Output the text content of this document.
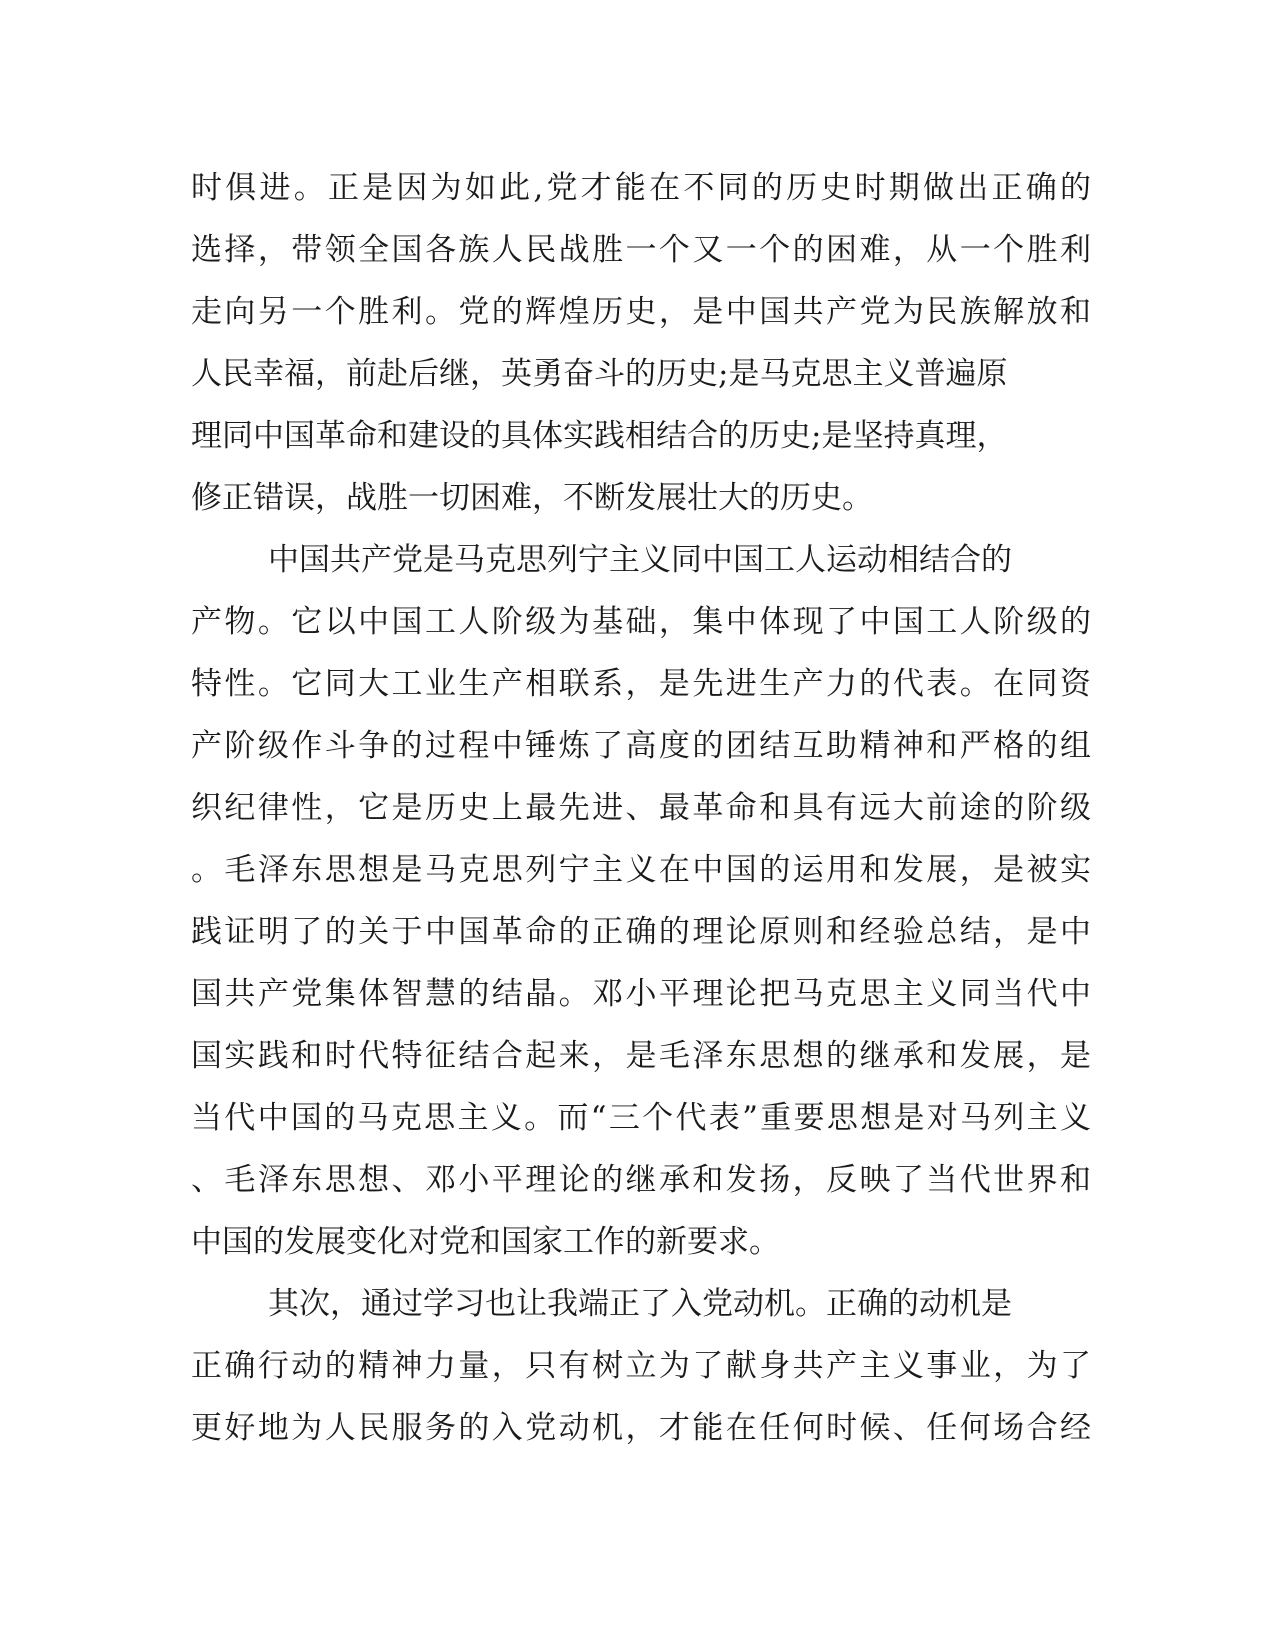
时俱进。正是因为如此,党才能在不同的历史时期做出正确的
选择，带领全国各族人民战胜一个又一个的困难，从一个胜利
走向另一个胜利。党的辉煌历史，是中国共产党为民族解放和
人民幸福，前赴后继，英勇奋斗的历史;是马克思主义普遍原
理同中国革命和建设的具体实践相结合的历史;是坚持真理，
修正错误，战胜一切困难，不断发展壮大的历史。
中国共产党是马克思列宁主义同中国工人运动相结合的
产物。它以中国工人阶级为基础，集中体现了中国工人阶级的
特性。它同大工业生产相联系，是先进生产力的代表。在同资
产阶级作斗争的过程中锤炼了高度的团结互助精神和严格的组
织纪律性，它是历史上最先进、最革命和具有远大前途的阶级
。毛泽东思想是马克思列宁主义在中国的运用和发展，是被实
践证明了的关于中国革命的正确的理论原则和经验总结，是中
国共产党集体智慧的结晶。邓小平理论把马克思主义同当代中
国实践和时代特征结合起来，是毛泽东思想的继承和发展，是
当代中国的马克思主义。而“三个代表”重要思想是对马列主义
、毛泽东思想、邓小平理论的继承和发扬，反映了当代世界和
中国的发展变化对党和国家工作的新要求。
其次，通过学习也让我端正了入党动机。正确的动机是
正确行动的精神力量，只有树立为了献身共产主义事业，为了
更好地为人民服务的入党动机，才能在任何时候、任何场合经
